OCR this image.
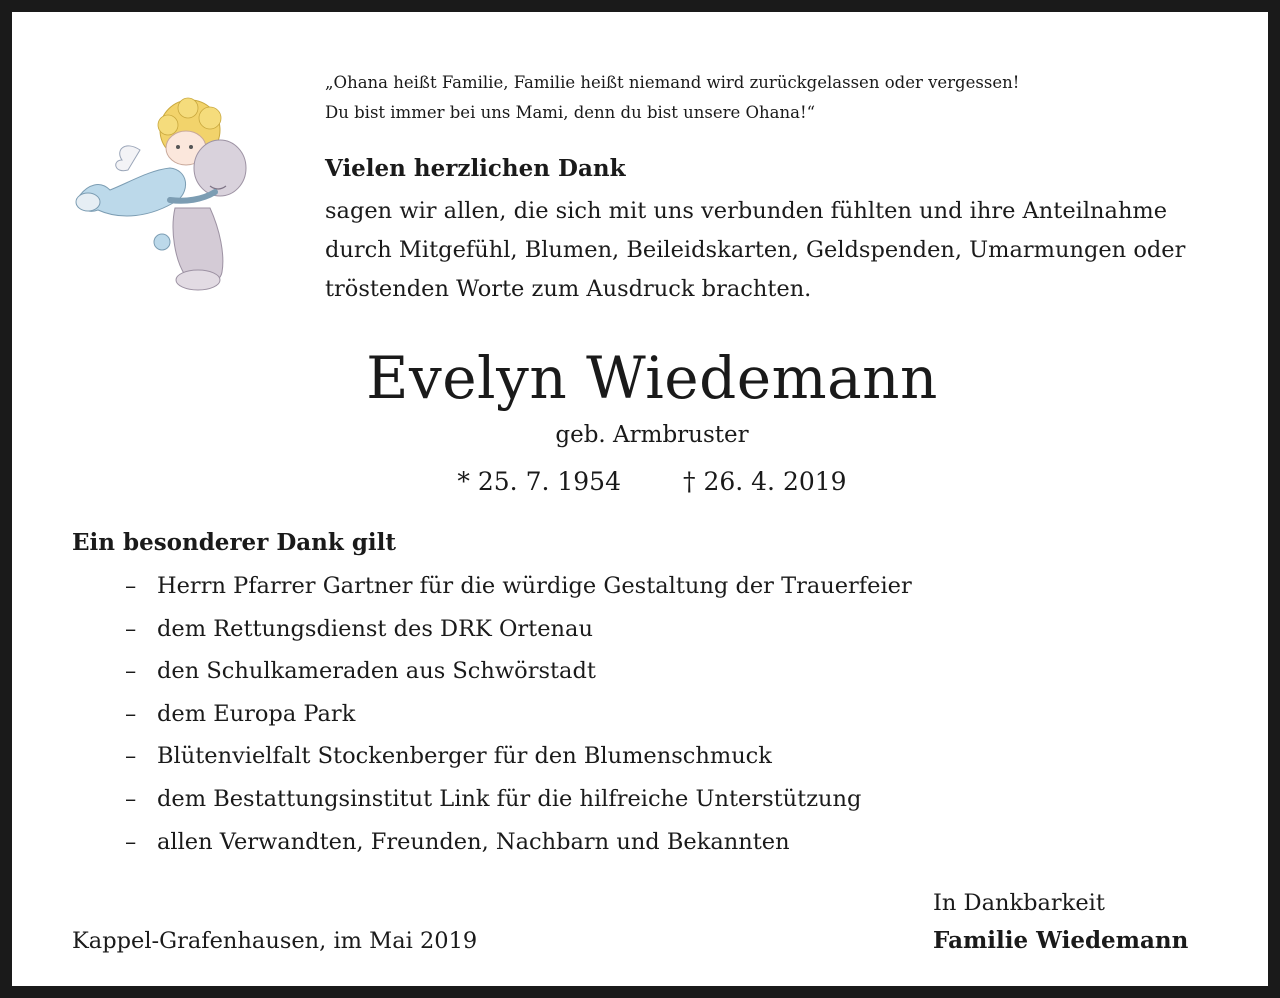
„Ohana heißt Familie, Familie heißt niemand wird zurückgelassen oder vergessen!
Du bist immer bei uns Mami, denn du bist unsere Ohana!“
Vielen herzlichen Dank
sagen wir allen, die sich mit uns verbunden fühlten und ihre Anteilnahme
durch Mitgefühl, Blumen, Beileidskarten, Geldspenden, Umarmungen oder
tröstenden Worte zum Ausdruck brachten.
Evelyn Wiedemann
geb. Armbruster
* 25. 7. 1954 † 26. 4. 2019
Ein besonderer Dank gilt
– Herrn Pfarrer Gartner für die würdige Gestaltung der Trauerfeier
– dem Rettungsdienst des DRK Ortenau
– den Schulkameraden aus Schwörstadt
– dem Europa Park
– Blütenvielfalt Stockenberger für den Blumenschmuck
– dem Bestattungsinstitut Link für die hilfreiche Unterstützung
– allen Verwandten, Freunden, Nachbarn und Bekannten
In Dankbarkeit
Familie Wiedemann
Kappel-Grafenhausen, im Mai 2019
